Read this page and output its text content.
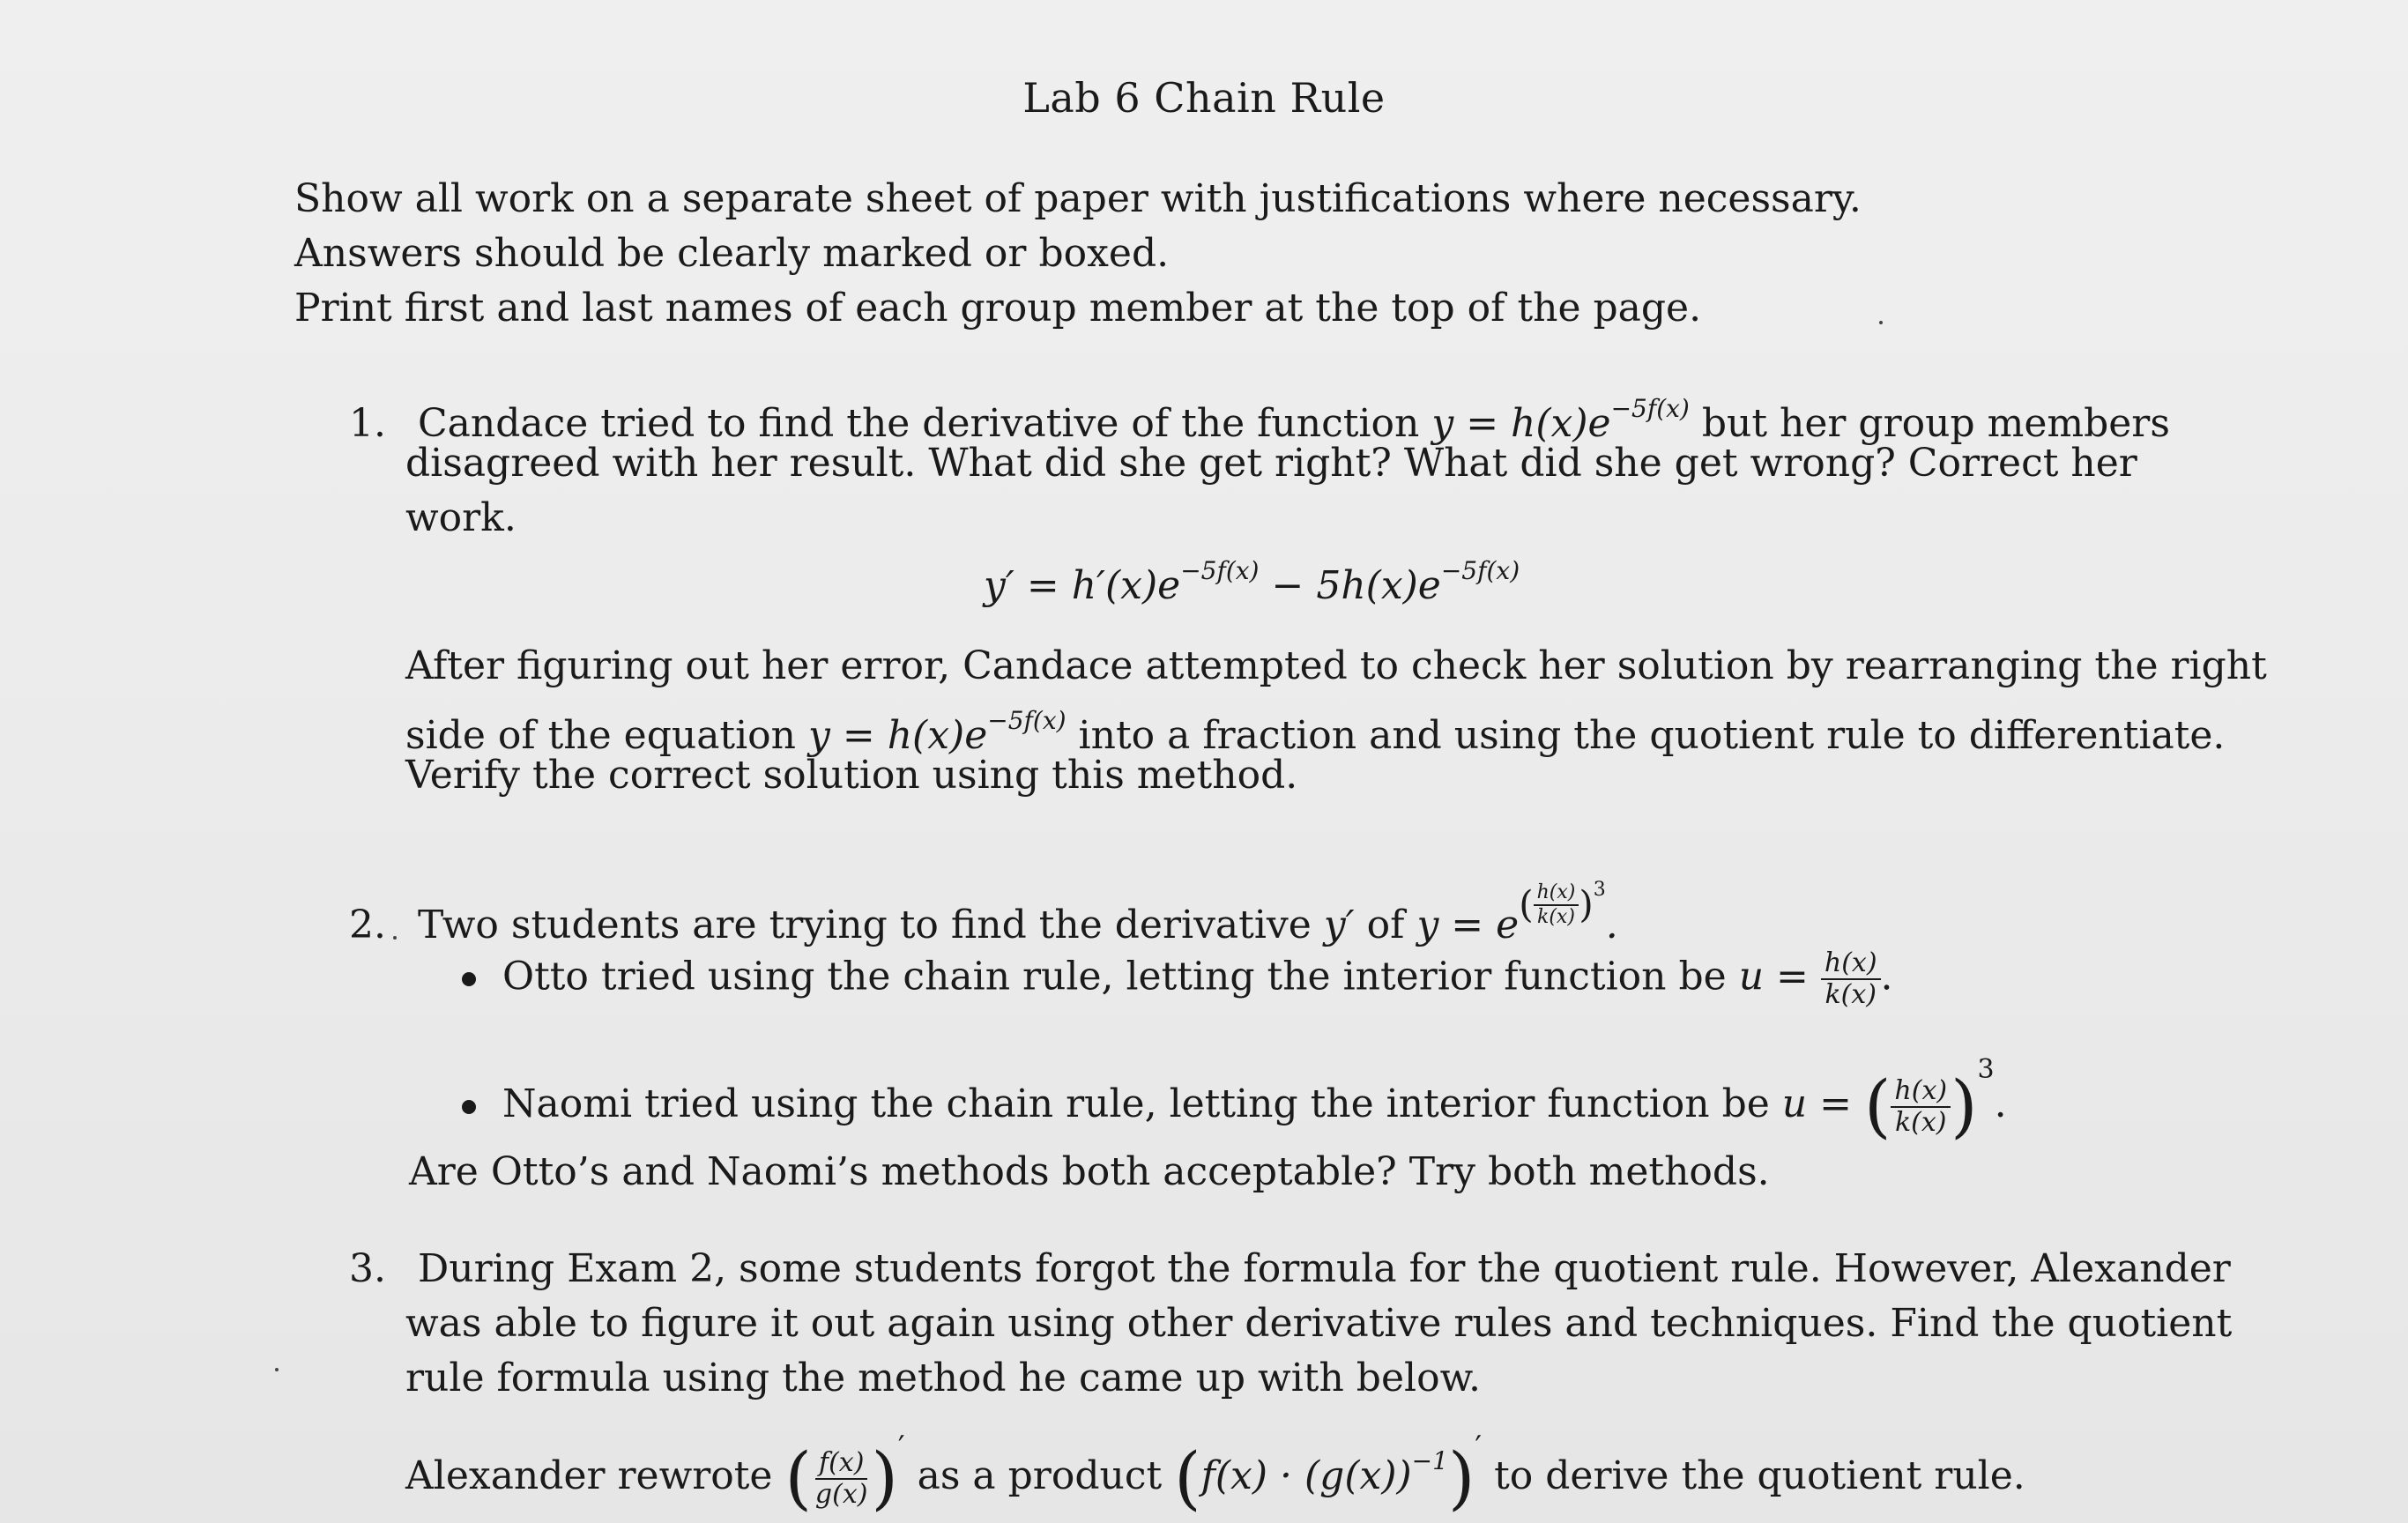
Lab 6 Chain Rule
Show all work on a separate sheet of paper with justifications where necessary.
Answers should be clearly marked or boxed.
Print first and last names of each group member at the top of the page.
1. Candace tried to find the derivative of the function $y = h(x)e^{-5f(x)}$ but her group members
disagreed with her result. What did she get right? What did she get wrong? Correct her
work.
$y' = h'(x)e^{-5f(x)} - 5h(x)e^{-5f(x)}$
After figuring out her error, Candace attempted to check her solution by rearranging the right
side of the equation $y = h(x)e^{-5f(x)}$ into a fraction and using the quotient rule to differentiate.
Verify the correct solution using this method.
2. Two students are trying to find the derivative y′ of $y = e( \frac{h(x)}{k(x)} )^3$.
Otto tried using the chain rule, letting the interior function be $u = \frac{h(x)}{k(x)}$ .
Naomi tried using the chain rule, letting the interior function be u = ( $\frac{h(x)}{k(x)} )^3$.
Are Otto’s and Naomi’s methods both acceptable? Try both methods.
3. During Exam 2, some students forgot the formula for the quotient rule. However, Alexander
was able to figure it out again using other derivative rules and techniques. Find the quotient
rule formula using the method he came up with below.
Alexander rewrote ( $\frac{f(x)}{g(x)} )'$ as a product $(f(x) \cdot (g(x))^{-1})'$ to derive the quotient rule.
